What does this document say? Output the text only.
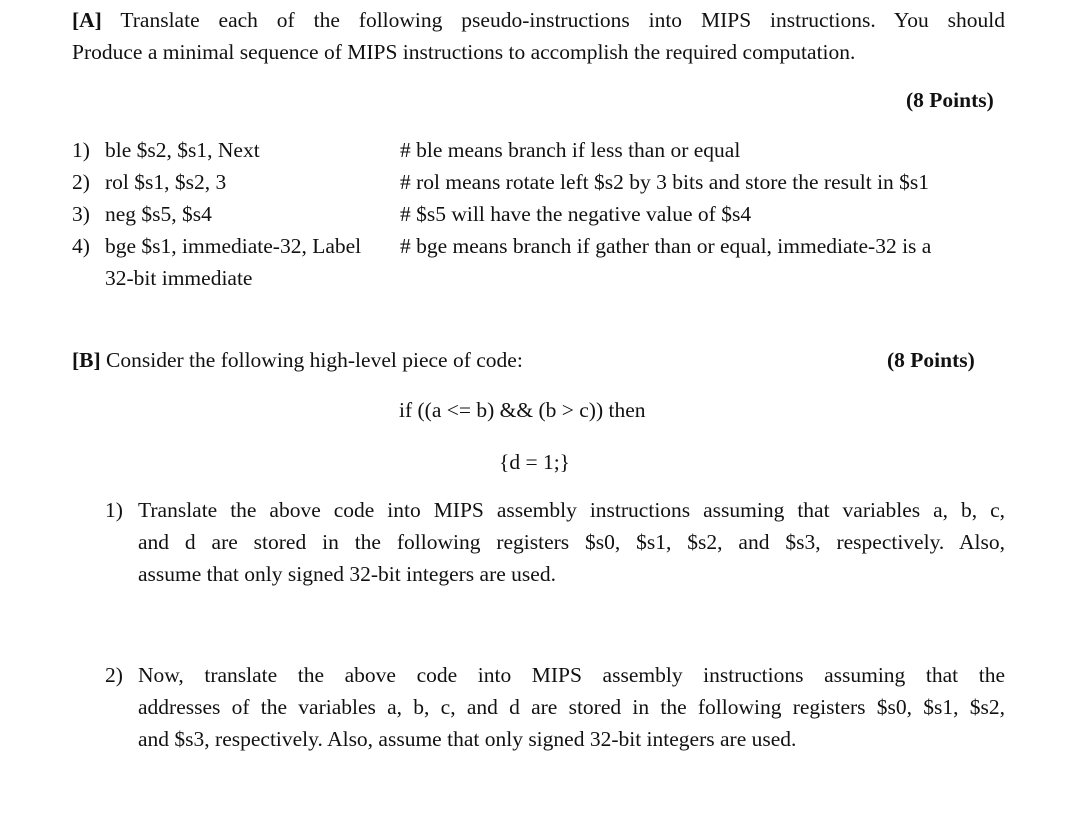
[A] Translate each of the following pseudo-instructions into MIPS instructions. You should
Produce a minimal sequence of MIPS instructions to accomplish the required computation.
(8 Points)
1) ble $s2, $s1, Next	# ble means branch if less than or equal
2) rol $s1, $s2, 3	# rol means rotate left $s2 by 3 bits and store the result in $s1
3) neg $s5, $s4	# $s5 will have the negative value of $s4
4) bge $s1, immediate-32, Label # bge means branch if gather than or equal, immediate-32 is a
32-bit immediate
[B] Consider the following high-level piece of code:	(8 Points)
if ((a <= b) && (b > c)) then
{d = 1;}
1) Translate the above code into MIPS assembly instructions assuming that variables a, b, c,
and d are stored in the following registers $s0, $s1, $s2, and $s3, respectively. Also,
assume that only signed 32-bit integers are used.
2) Now, translate the above code into MIPS assembly instructions assuming that the
addresses of the variables a, b, c, and d are stored in the following registers $s0, $s1, $s2,
and $s3, respectively. Also, assume that only signed 32-bit integers are used.
